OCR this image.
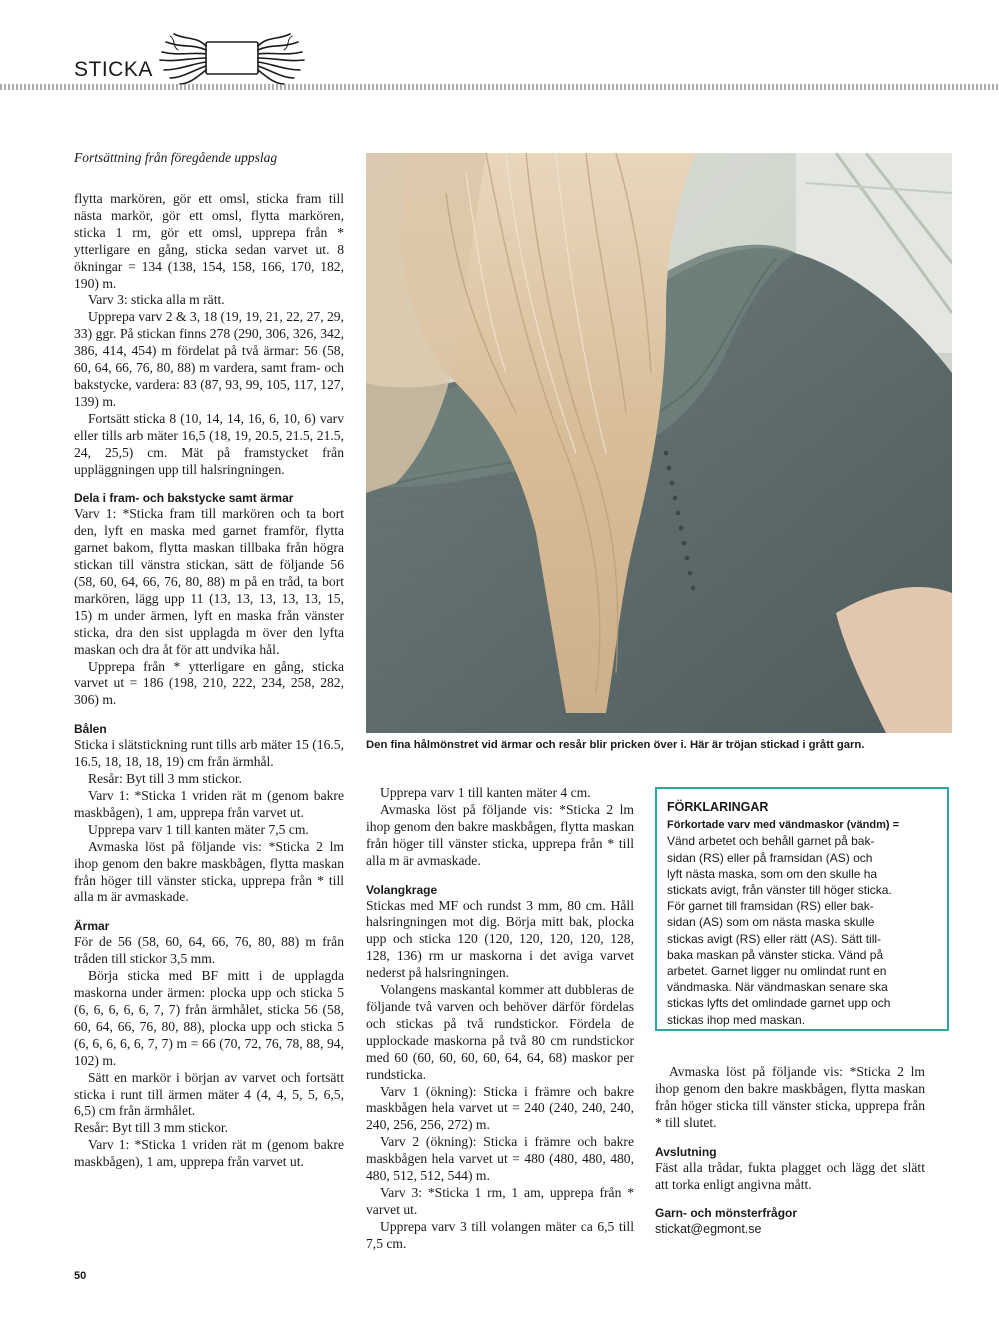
STICKA
Fortsättning från föregående uppslag

flytta markören, gör ett omsl, sticka fram till nästa markör, gör ett omsl, flytta markören, sticka 1 rm, gör ett omsl, upprepa från * ytterligare en gång, sticka sedan varvet ut. 8 ökningar = 134 (138, 154, 158, 166, 170, 182, 190) m.

Varv 3: sticka alla m rätt.

Upprepa varv 2 & 3, 18 (19, 19, 21, 22, 27, 29, 33) ggr. På stickan finns 278 (290, 306, 326, 342, 386, 414, 454) m fördelat på två ärmar: 56 (58, 60, 64, 66, 76, 80, 88) m vardera, samt fram- och bakstycke, vardera: 83 (87, 93, 99, 105, 117, 127, 139) m.

Fortsätt sticka 8 (10, 14, 14, 16, 6, 10, 6) varv eller tills arb mäter 16,5 (18, 19, 20.5, 21.5, 21.5, 24, 25,5) cm. Mät på framstycket från uppläggningen upp till halsringningen.

Dela i fram- och bakstycke samt ärmar

Varv 1: *Sticka fram till markören och ta bort den, lyft en maska med garnet framför, flytta garnet bakom, flytta maskan tillbaka från högra stickan till vänstra stickan, sätt de följande 56 (58, 60, 64, 66, 76, 80, 88) m på en tråd, ta bort markören, lägg upp 11 (13, 13, 13, 13, 13, 15, 15) m under ärmen, lyft en maska från vänster sticka, dra den sist upplagda m över den lyfta maskan och dra åt för att undvika hål.

Upprepa från * ytterligare en gång, sticka varvet ut = 186 (198, 210, 222, 234, 258, 282, 306) m.

Bålen

Sticka i slätstickning runt tills arb mäter 15 (16.5, 16.5, 18, 18, 18, 19) cm från ärmhål.

Resår: Byt till 3 mm stickor.

Varv 1: *Sticka 1 vriden rät m (genom bakre maskbågen), 1 am, upprepa från varvet ut.

Upprepa varv 1 till kanten mäter 7,5 cm.

Avmaska löst på följande vis: *Sticka 2 lm ihop genom den bakre maskbågen, flytta maskan från höger till vänster sticka, upprepa från * till alla m är avmaskade.

Ärmar

För de 56 (58, 60, 64, 66, 76, 80, 88) m från tråden till stickor 3,5 mm.

Börja sticka med BF mitt i de upplagda maskorna under ärmen: plocka upp och sticka 5 (6, 6, 6, 6, 6, 7, 7) från ärmhålet, sticka 56 (58, 60, 64, 66, 76, 80, 88), plocka upp och sticka 5 (6, 6, 6, 6, 6, 7, 7) m = 66 (70, 72, 76, 78, 88, 94, 102) m.

Sätt en markör i början av varvet och fortsätt sticka i runt till ärmen mäter 4 (4, 4, 5, 5, 6,5, 6,5) cm från ärmhålet.

Resår: Byt till 3 mm stickor.

Varv 1: *Sticka 1 vriden rät m (genom bakre maskbågen), 1 am, upprepa från varvet ut.

Den fina hålmönstret vid ärmar och resår blir pricken över i. Här är tröjan stickad i grått garn.

Upprepa varv 1 till kanten mäter 4 cm.

Avmaska löst på följande vis: *Sticka 2 lm ihop genom den bakre maskbågen, flytta maskan från höger till vänster sticka, upprepa från * till alla m är avmaskade.

Volangkrage

Stickas med MF och rundst 3 mm, 80 cm. Håll halsringningen mot dig. Börja mitt bak, plocka upp och sticka 120 (120, 120, 120, 120, 128, 128, 136) rm ur maskorna i det aviga varvet nederst på halsringningen.

Volangens maskantal kommer att dubbleras de följande två varven och behöver därför fördelas och stickas på två rundstickor. Fördela de upplockade maskorna på två 80 cm rundstickor med 60 (60, 60, 60, 60, 64, 64, 68) maskor per rundsticka.

Varv 1 (ökning): Sticka i främre och bakre maskbågen hela varvet ut = 240 (240, 240, 240, 240, 256, 256, 272) m.

Varv 2 (ökning): Sticka i främre och bakre maskbågen hela varvet ut = 480 (480, 480, 480, 480, 512, 512, 544) m.

Varv 3: *Sticka 1 rm, 1 am, upprepa från * varvet ut.

Upprepa varv 3 till volangen mäter ca 6,5 till 7,5 cm.

FÖRKLARINGAR
Förkortade varv med vändmaskor (vändm) =
Vänd arbetet och behåll garnet på bak-
sidan (RS) eller på framsidan (AS) och
lyft nästa maska, som om den skulle ha
stickats avigt, från vänster till höger sticka.
För garnet till framsidan (RS) eller bak-
sidan (AS) som om nästa maska skulle
stickas avigt (RS) eller rätt (AS). Sätt till-
baka maskan på vänster sticka. Vänd på
arbetet. Garnet ligger nu omlindat runt en
vändmaska. När vändmaskan senare ska
stickas lyfts det omlindade garnet upp och
stickas ihop med maskan.

Avmaska löst på följande vis: *Sticka 2 lm ihop genom den bakre maskbågen, flytta maskan från höger sticka till vänster sticka, upprepa från * till slutet.

Avslutning

Fäst alla trådar, fukta plagget och lägg det slätt att torka enligt angivna mått.

Garn- och mönsterfrågor

stickat@egmont.se

50
